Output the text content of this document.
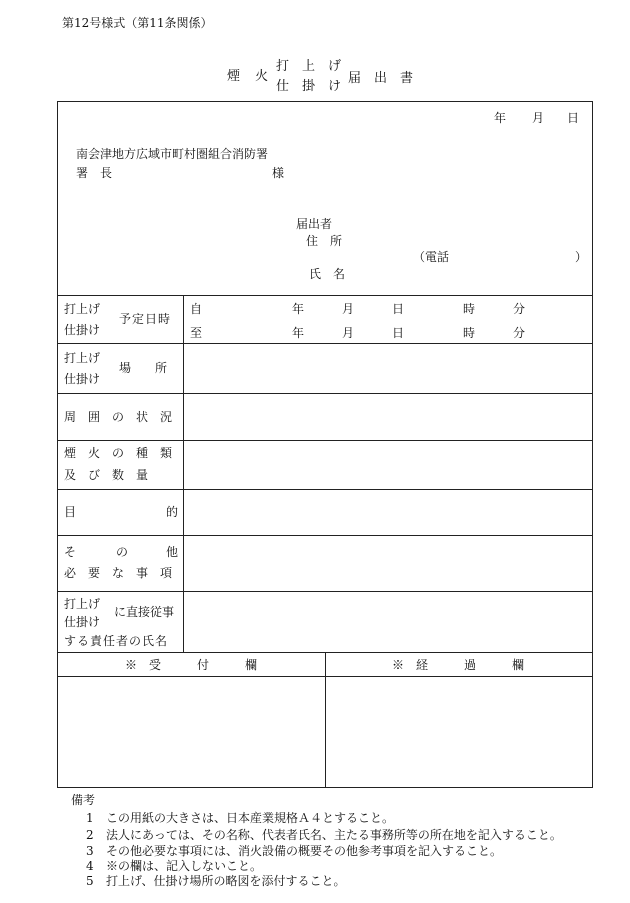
第12号様式（第11条関係）
煙　火
打　上　げ
仕　掛　け
届　出　書
年 月 日
南会津地方広域市町村圏組合消防署
署　長	様
届出者
住　所
（電話	）
氏　名
打上げ
仕掛け
予定日時
自	年	月	日	時	分
至	年	月	日	時	分
打上げ
仕掛け
場　　所
周　囲　の　状　況
煙　火　の　種　類
及　び　数　量
目	的
そ	の	他
必　要　な　事　項
打上げ
仕掛け
に直接従事
する責任者の氏名
※　受　　　付　　　欄	※　経　　　過　　　欄
備考
1 この用紙の大きさは、日本産業規格Ａ４とすること。
2 法人にあっては、その名称、代表者氏名、主たる事務所等の所在地を記入すること。
3 その他必要な事項には、消火設備の概要その他参考事項を記入すること。
4 ※の欄は、記入しないこと。
5 打上げ、仕掛け場所の略図を添付すること。
